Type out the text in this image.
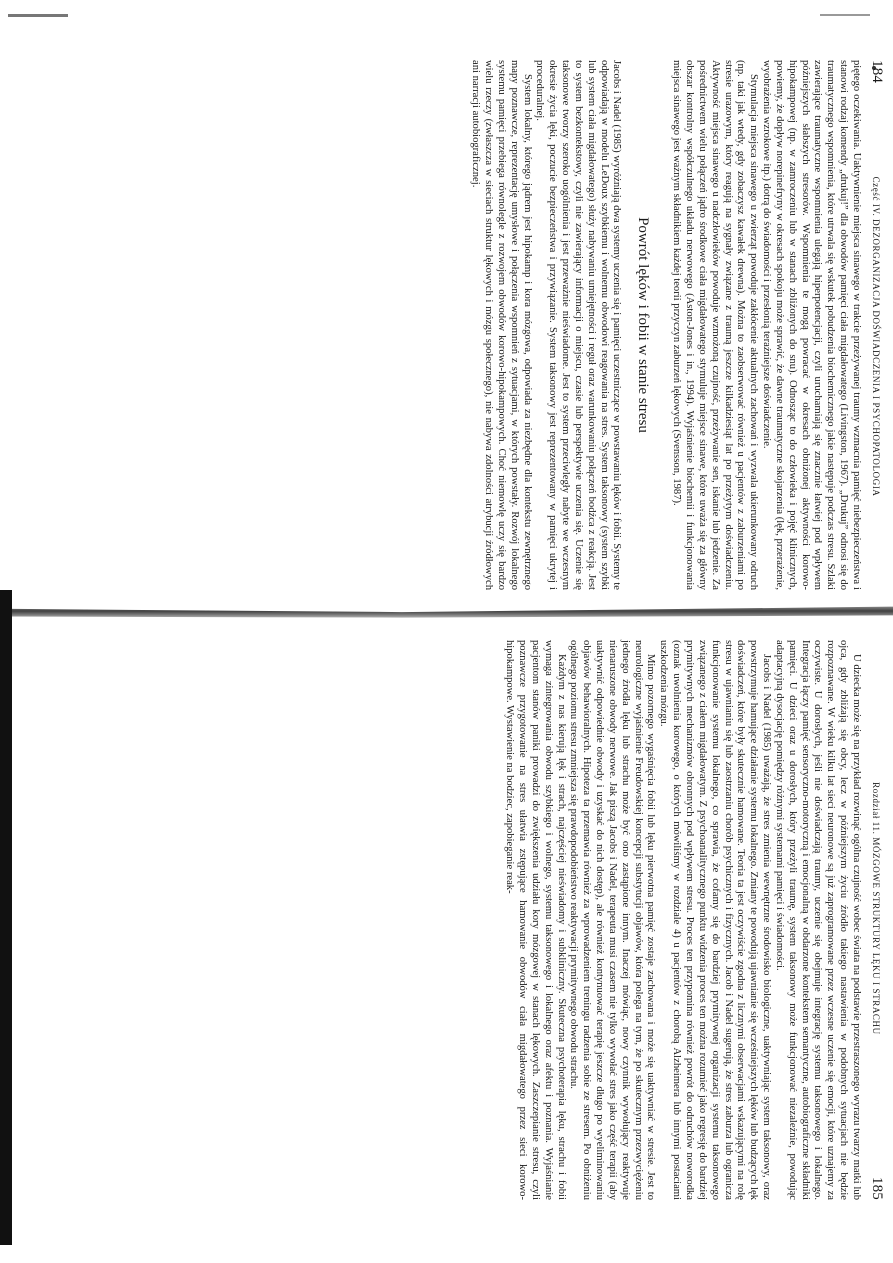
184
Część IV. DEZORGANIZACJA DOŚWIADCZENIA I PSYCHOPATOLOGIA

piętego oczekiwania. Uaktywnienie miejsca sinawego w trakcie przeżywanej traumy wzmacnia pamięć niebezpieczeństwa i stanowi rodzaj komendy „drukuj!” dla obwodów pamięci ciała migdałowatego (Livingston, 1967). „Drukuj” odnosi się do traumatycznego wspomnienia, które utrwala się wskutek pobudzenia biochemicznego jakie następuje podczas stresu. Szlaki zawierające traumatyczne wspomnienia ulegają hiperpotencjacji, czyli uruchamiają się znacznie łatwiej pod wpływem późniejszych słabszych stresorów. Wspomnienia te mogą powracać w okresach obniżonej aktywności korowo-hipokampowej (np. w zamroczeniu lub w stanach zbliżonych do snu). Odnosząc to do człowieka i pojęć klinicznych, powiemy, że dopływ norepinefryny w okresach spokoju może sprawić, że dawne traumatyczne skojarzenia (lęk, przerażenie, wyobrażenia wzrokowe itp.) dotrą do świadomości i przesłonią teraźniejsze doświadczenie.

Stymulacja miejsca sinawego u zwierząt powoduje zakłócenie aktualnych zachowań i wyzwala ukierunkowany odruch (np. taki jak wtedy, gdy zobaczysz kawałek drewna). Można to zaobserwować również u pacjentów z zaburzeniami po stresie urazowym, który reagują na sygnały związane z traumą jeszcze kilkadziesiąt lat po przeżytym doświadczeniu. Aktywność miejsca sinawego u nadczłowieków powoduje wzmożoną czujność, przeżywanie sen, iskanie lub jedzenie. Za pośrednictwem wielu połączeń jądro środkowe ciała migdałowatego stymuluje miejsce sinawe, które uważa się za główny obszar kontrolny współczulnego układu nerwowego (Aston-Jones i in., 1994). Wyjaśnienie biochemii i funkcjonowania miejsca sinawego jest ważnym składnikiem każdej teorii przyczyn zaburzeń lękowych (Svensson, 1987).

Powrót lęków i fobii w stanie stresu

Jacobs i Nadel (1985) wyróżniają dwa systemy uczenia się i pamięci uczestniczące w powstawaniu lęków i fobii. Systemy te odpowiadają w modelu LeDoux szybkiemu i wolnemu obwodowi reagowania na stres. System taksonowy (system szybki lub system ciała migdałowatego) służy nabywaniu umiejętności i reguł oraz warunkowaniu połączeń bodźca z reakcją. Jest to system bezkontekstowy, czyli nie zawierający informacji o miejscu, czasie lub perspektywie uczenia się. Uczenie się taksonowe tworzy szeroko uogólnienia i jest przeważnie nieświadome. Jest to system przeciwległy nabyte we wczesnym okresie życia lęki, poczucie bezpieczeństwa i przywiązanie. System taksonowy jest reprezentowany w pamięci ukrytej i proceduralnej.

System lokalny, którego jądrem jest hipokamp i kora mózgowa, odpowiada za niezbędne dla kontekstu zewnętrznego mapy poznawcze, reprezentację umysłowe i połączenia wspomnień z sytuacjami, w których powstały. Rozwój lokalnego systemu pamięci przebiega równolegle z rozwojem obwodów korowo-hipokampowych. Choć niemowlę uczy się bardzo wielu rzeczy (zwłaszcza w sieciach struktur lękowych i mózgu społecznego), nie nabywa zdolności atrybucji źródłowych ani narracji autobiograficznej.

Rozdział 11. MÓZGOWE STRUKTURY LĘKU I STRACHU
185

U dziecka może się na przykład rozwinąć ogólna czujność wobec świata na podstawie przestraszonego wyrazu twarzy matki lub ojca, gdy zbliżają się obcy, lecz w późniejszym życiu źródło takiego nastawienia w podobnych sytuacjach nie będzie rozpoznawane. W wieku kilku lat sieci neuronowe są już zaprogramowane przez wczesne uczenie się emocji, które uznajemy za oczywiste. U dorosłych, jeśli nie doświadczają traumy, uczenie się obejmuje integrację systemu taksonowego i lokalnego. Integracja łączy pamięć sensoryczno-motoryczną i emocjonalną w obdarzone kontekstem semantyczne, autobiograficzne składniki pamięci. U dzieci oraz u dorosłych, który przeżyli traumę, system taksonowy może funkcjonować niezależnie, powodując adaptacyjną dysocjację pomiędzy różnymi systemami pamięci i świadomości.

Jacobs i Nadel (1985) uważają, że stres zmienia wewnętrzne środowisko biologiczne, uaktywniając system taksonowy, oraz powstrzymuje hamujące działanie systemu lokalnego. Zmiany te powodują ujawnianie się wcześniejszych lęków lub budzących lęk doświadczeń, które były skutecznie hamowane. Teoria ta jest oczywiście zgodna z licznymi obserwacjami wskazującymi na rolę stresu w ujawnianiu się lub zaostrzaniu chorób psychicznych i fizycznych. Jacob i Nadel sugerują, że stres zaburza lub ogranicza funkcjonowanie systemu lokalnego, co sprawia, że cofamy się do bardziej prymitywnej organizacji systemu taksonowego związanego z ciałem migdałowatym. Z psychoanalitycznego punktu widzenia proces ten można rozumieć jako regresję do bardziej prymitywnych mechanizmów obronnych pod wpływem stresu. Proces ten przypomina również powrót do odruchów noworodka (oznak uwolnienia korowego, o których mówiliśmy w rozdziale 4) u pacjentów z chorobą Alzheimera lub innymi postaciami uszkodzenia mózgu.

Mimo pozornego wygaśnięcia fobii lub lęku pierwotna pamięć zostaje zachowana i może się uaktywniać w stresie. Jest to neurologiczne wyjaśnienie Freudowskiej koncepcji substytucji objawów, która polega na tym, że po skutecznym przezwyciężeniu jednego źródła lęku lub strachu może być ono zastąpione innym. Inaczej mówiąc, nowy czynnik wywołujący reaktywuje nienaruszone obwody nerwowe. Jak piszą Jacobs i Nadel, terapeuta musi czasem nie tylko wywołać stres jako część terapii (aby uaktywnić odpowiednie obwody i uzyskać do nich dostęp), ale również kontynuować terapię jeszcze długo po wyeliminowaniu objawów behawioralnych. Hipoteza ta przemawia również za wprowadzeniem treningu radzenia sobie ze stresem. Po obniżeniu ogólnego poziomu stresu zmniejsza się prawdopodobieństwo reaktywacji prymitywnego obwodu strachu.

Każdym z nas kierują lęk i strach, najczęściej nieświadomy i subkliniczny. Skuteczna psychoterapia lęku, strachu i fobii wymaga zintegrowania obwodu szybkiego i wolnego, systemu taksonowego i lokalnego oraz afektu i poznania. Wyjaśnianie pacjentom stanów paniki prowadzi do zwiększenia udziału kory mózgowej w stanach lękowych. Zaszczepianie stresu, czyli poznawcze przygotowanie na stres ułatwia zstępujące hamowanie obwodów ciała migdałowatego przez sieci korowo-hipokampowe. Wystawienie na bodziec, zapobieganie reak-
